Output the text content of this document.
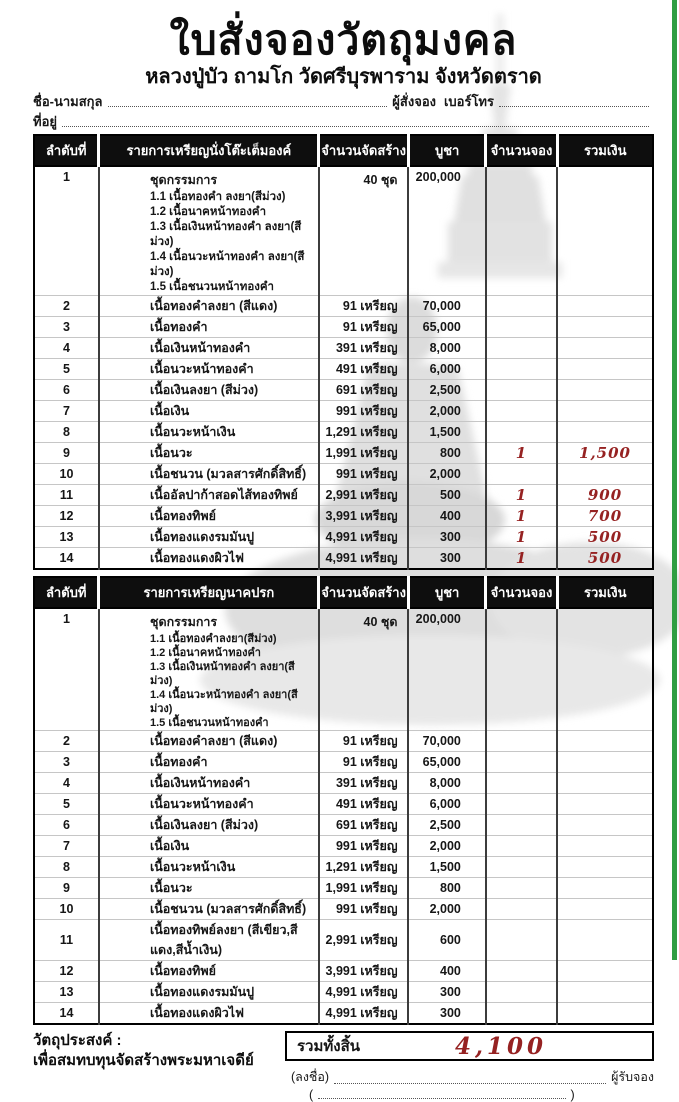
ใบสั่งจองวัตถุมงคล
หลวงปู่บัว ถามโก วัดศรีบุรพาราม จังหวัดตราด
ชื่อ-นามสกุล	ผู้สั่งจอง เบอร์โทร
ที่อยู่
ลำดับที่	รายการเหรียญนั่งโต๊ะเต็มองค์	จำนวนจัดสร้าง	บูชา	จำนวนจอง	รวมเงิน
1	ชุดกรรมการ
1.1 เนื้อทองคำ ลงยา(สีม่วง)
1.2 เนื้อนาคหน้าทองคำ
1.3 เนื้อเงินหน้าทองคำ ลงยา(สีม่วง)
1.4 เนื้อนวะหน้าทองคำ ลงยา(สีม่วง)
1.5 เนื้อชนวนหน้าทองคำ
	40 ชุด	200,000		
2	เนื้อทองคำลงยา (สีแดง)	91 เหรียญ	70,000		
3	เนื้อทองคำ	91 เหรียญ	65,000		
4	เนื้อเงินหน้าทองคำ	391 เหรียญ	8,000		
5	เนื้อนวะหน้าทองคำ	491 เหรียญ	6,000		
6	เนื้อเงินลงยา (สีม่วง)	691 เหรียญ	2,500		
7	เนื้อเงิน	991 เหรียญ	2,000		
8	เนื้อนวะหน้าเงิน	1,291 เหรียญ	1,500		
9	เนื้อนวะ	1,991 เหรียญ	800	1	1,500
10	เนื้อชนวน (มวลสารศักดิ์สิทธิ์)	991 เหรียญ	2,000		
11	เนื้ออัลปาก้าสอดไส้ทองทิพย์	2,991 เหรียญ	500	1	900
12	เนื้อทองทิพย์	3,991 เหรียญ	400	1	700
13	เนื้อทองแดงรมมันปู	4,991 เหรียญ	300	1	500
14	เนื้อทองแดงผิวไฟ	4,991 เหรียญ	300	1	500
ลำดับที่	รายการเหรียญนาคปรก	จำนวนจัดสร้าง	บูชา	จำนวนจอง	รวมเงิน
1	ชุดกรรมการ
1.1 เนื้อทองคำลงยา(สีม่วง)
1.2 เนื้อนาคหน้าทองคำ
1.3 เนื้อเงินหน้าทองคำ ลงยา(สีม่วง)
1.4 เนื้อนวะหน้าทองคำ ลงยา(สีม่วง)
1.5 เนื้อชนวนหน้าทองคำ
	40 ชุด	200,000		
2	เนื้อทองคำลงยา (สีแดง)	91 เหรียญ	70,000		
3	เนื้อทองคำ	91 เหรียญ	65,000		
4	เนื้อเงินหน้าทองคำ	391 เหรียญ	8,000		
5	เนื้อนวะหน้าทองคำ	491 เหรียญ	6,000		
6	เนื้อเงินลงยา (สีม่วง)	691 เหรียญ	2,500		
7	เนื้อเงิน	991 เหรียญ	2,000		
8	เนื้อนวะหน้าเงิน	1,291 เหรียญ	1,500		
9	เนื้อนวะ	1,991 เหรียญ	800		
10	เนื้อชนวน (มวลสารศักดิ์สิทธิ์)	991 เหรียญ	2,000		
11	เนื้อทองทิพย์ลงยา (สีเขียว,สีแดง,สีน้ำเงิน)	2,991 เหรียญ	600		
12	เนื้อทองทิพย์	3,991 เหรียญ	400		
13	เนื้อทองแดงรมมันปู	4,991 เหรียญ	300		
14	เนื้อทองแดงผิวไฟ	4,991 เหรียญ	300		
วัตถุประสงค์ :
เพื่อสมทบทุนจัดสร้างพระมหาเจดีย์
รวมทั้งสิ้น	4,100
(ลงชื่อ)	ผู้รับจอง
(	)
